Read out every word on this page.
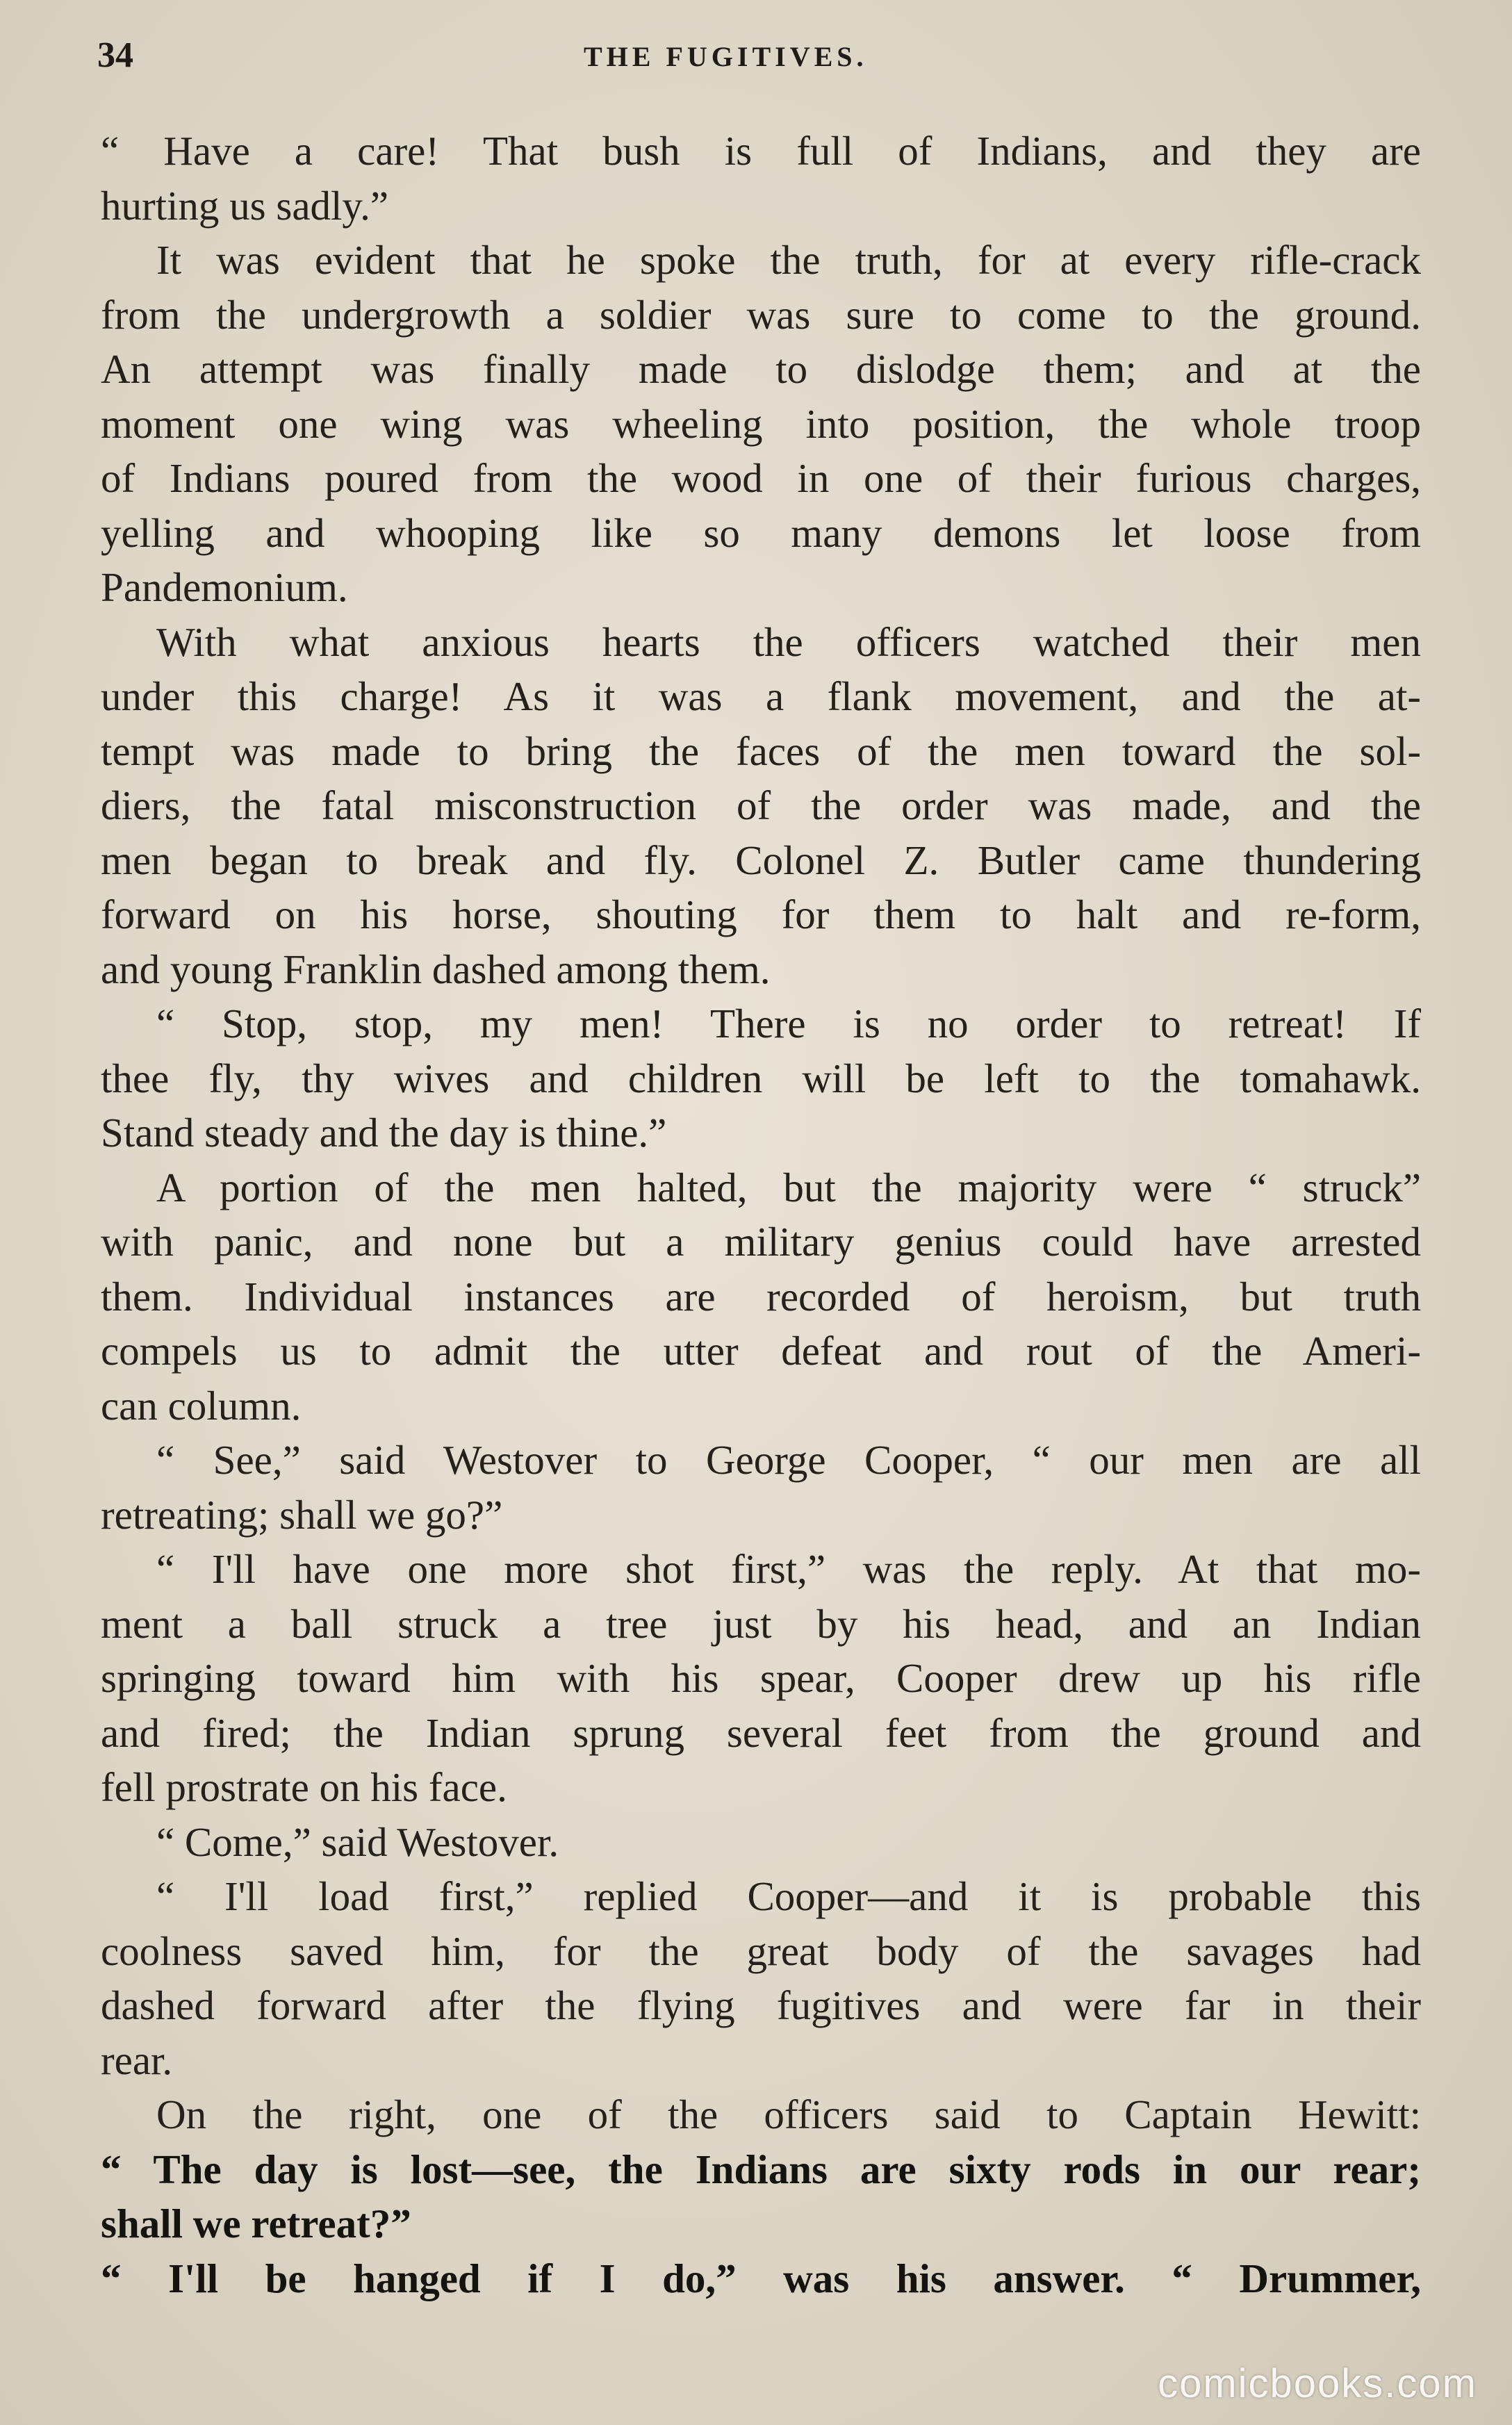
34	THE FUGITIVES.
“ Have a care! That bush is full of Indians, and they are
hurting us sadly.”
It was evident that he spoke the truth, for at every rifle-crack
from the undergrowth a soldier was sure to come to the ground.
An attempt was finally made to dislodge them; and at the
moment one wing was wheeling into position, the whole troop
of Indians poured from the wood in one of their furious charges,
yelling and whooping like so many demons let loose from
Pandemonium.
With what anxious hearts the officers watched their men
under this charge! As it was a flank movement, and the at-
tempt was made to bring the faces of the men toward the sol-
diers, the fatal misconstruction of the order was made, and the
men began to break and fly. Colonel Z. Butler came thundering
forward on his horse, shouting for them to halt and re-form,
and young Franklin dashed among them.
“ Stop, stop, my men! There is no order to retreat! If
thee fly, thy wives and children will be left to the tomahawk.
Stand steady and the day is thine.”
A portion of the men halted, but the majority were “ struck”
with panic, and none but a military genius could have arrested
them. Individual instances are recorded of heroism, but truth
compels us to admit the utter defeat and rout of the Ameri-
can column.
“ See,” said Westover to George Cooper, “ our men are all
retreating; shall we go?”
“ I'll have one more shot first,” was the reply. At that mo-
ment a ball struck a tree just by his head, and an Indian
springing toward him with his spear, Cooper drew up his rifle
and fired; the Indian sprung several feet from the ground and
fell prostrate on his face.
“ Come,” said Westover.
“ I'll load first,” replied Cooper—and it is probable this
coolness saved him, for the great body of the savages had
dashed forward after the flying fugitives and were far in their
rear.
On the right, one of the officers said to Captain Hewitt:
“ The day is lost—see, the Indians are sixty rods in our rear;
shall we retreat?”
“ I'll be hanged if I do,” was his answer. “ Drummer,
comicbooks.com
